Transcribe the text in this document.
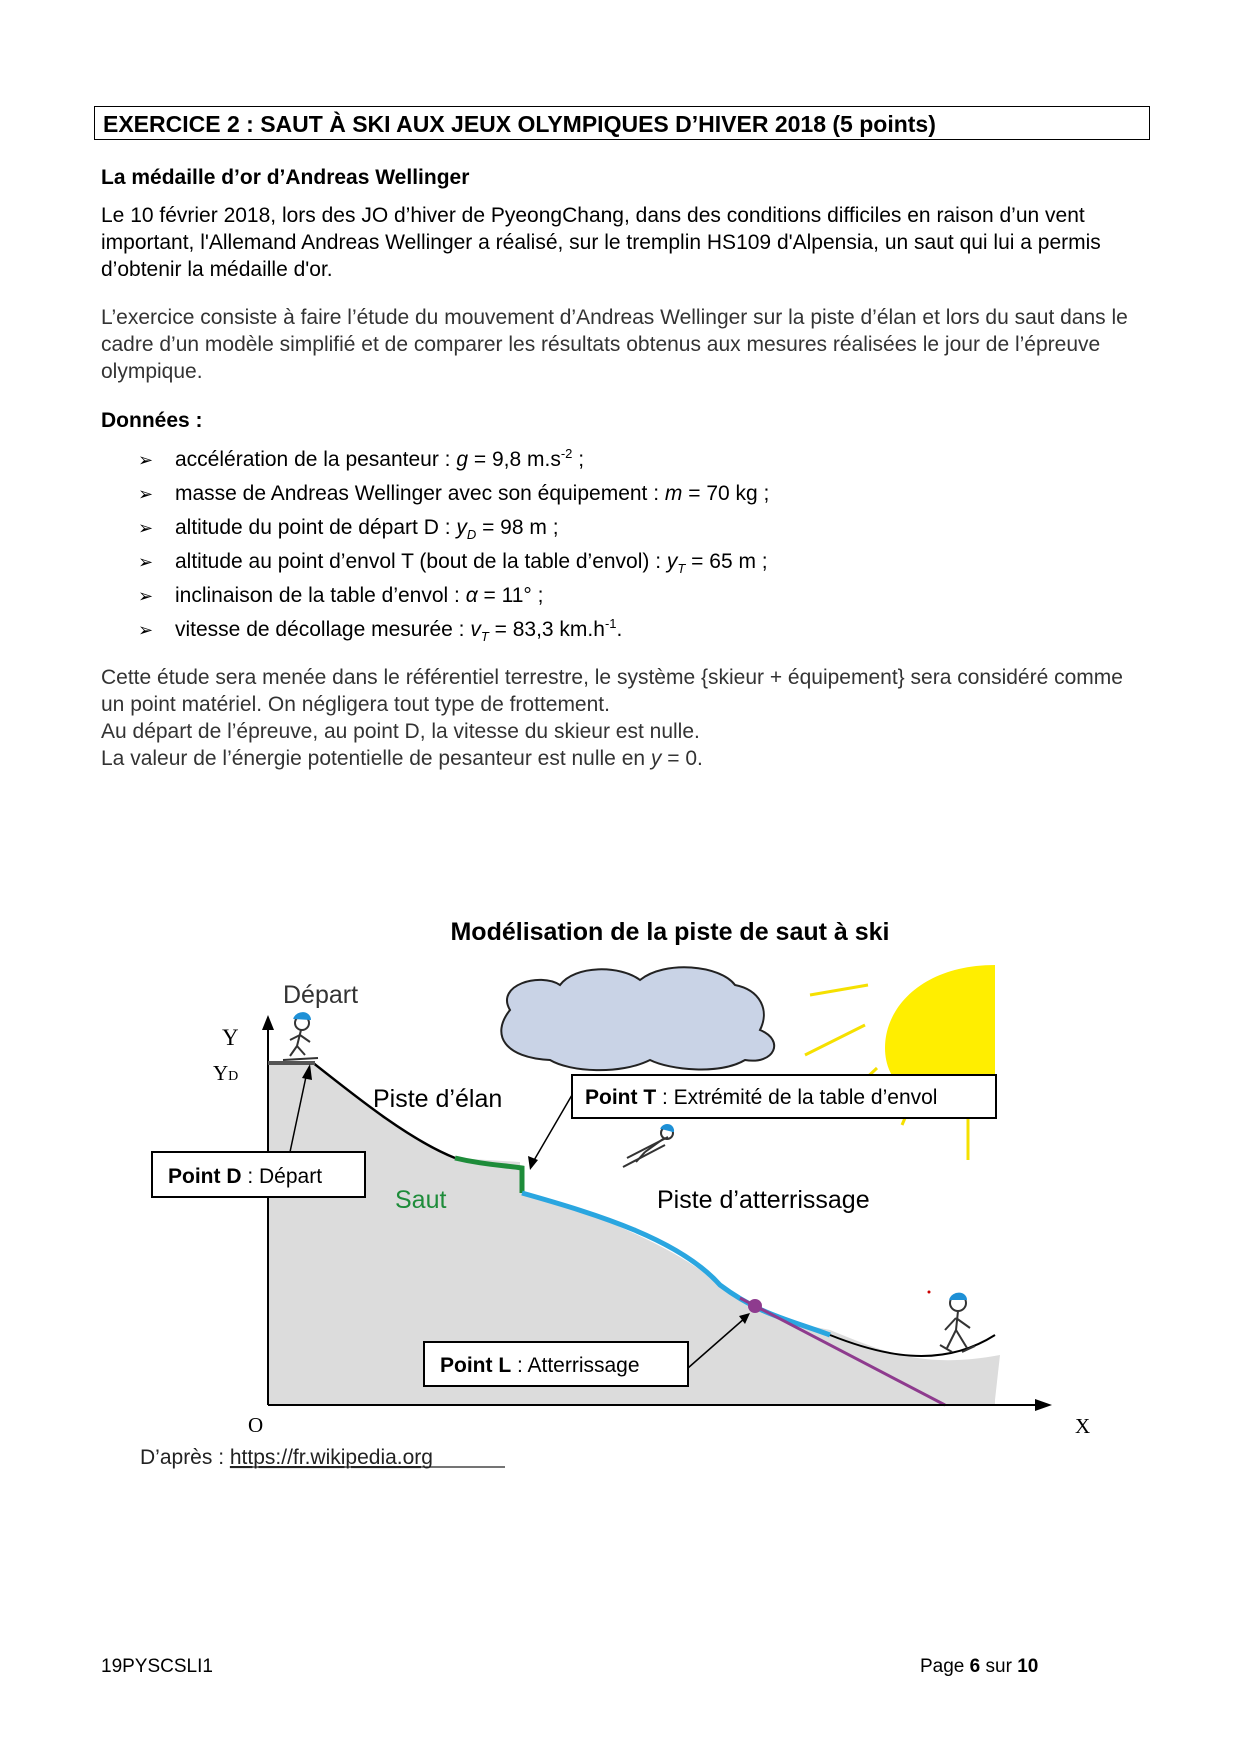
EXERCICE 2 : SAUT À SKI AUX JEUX OLYMPIQUES D’HIVER 2018 (5 points)
La médaille d’or d’Andreas Wellinger

Le 10 février 2018, lors des JO d’hiver de PyeongChang, dans des conditions difficiles en raison d’un vent important, l'Allemand Andreas Wellinger a réalisé, sur le tremplin HS109 d'Alpensia, un saut qui lui a permis d’obtenir la médaille d'or.

L’exercice consiste à faire l’étude du mouvement d’Andreas Wellinger sur la piste d’élan et lors du saut dans le cadre d’un modèle simplifié et de comparer les résultats obtenus aux mesures réalisées le jour de l’épreuve olympique.

Données :
➢ accélération de la pesanteur : g = 9,8 $m.s^{-2}$ ;
➢ masse de Andreas Wellinger avec son équipement : m = 70 kg ;
➢ altitude du point de départ D : $y_D = 98$ m ;
➢ altitude au point d’envol T (bout de la table d’envol) : $y_T = 65$ m ;
➢ inclinaison de la table d’envol : α = 11° ;
➢ vitesse de décollage mesurée : $v_T = 83,3$ $km.h^{-1}$.

Cette étude sera menée dans le référentiel terrestre, le système {skieur + équipement} sera considéré comme un point matériel. On négligera tout type de frottement.
Au départ de l’épreuve, au point D, la vitesse du skieur est nulle.
La valeur de l’énergie potentielle de pesanteur est nulle en y = 0.

Modélisation de la piste de saut à ski
Point D : Départ
Point T : Extrémité de la table d’envol
Point L : Atterrissage
Départ
Y
YD
O	X
Piste d’élan
Saut	Piste d’atterrissage
D’après : https://fr.wikipedia.org
19PYSCSLI1	Page 6 sur 10
